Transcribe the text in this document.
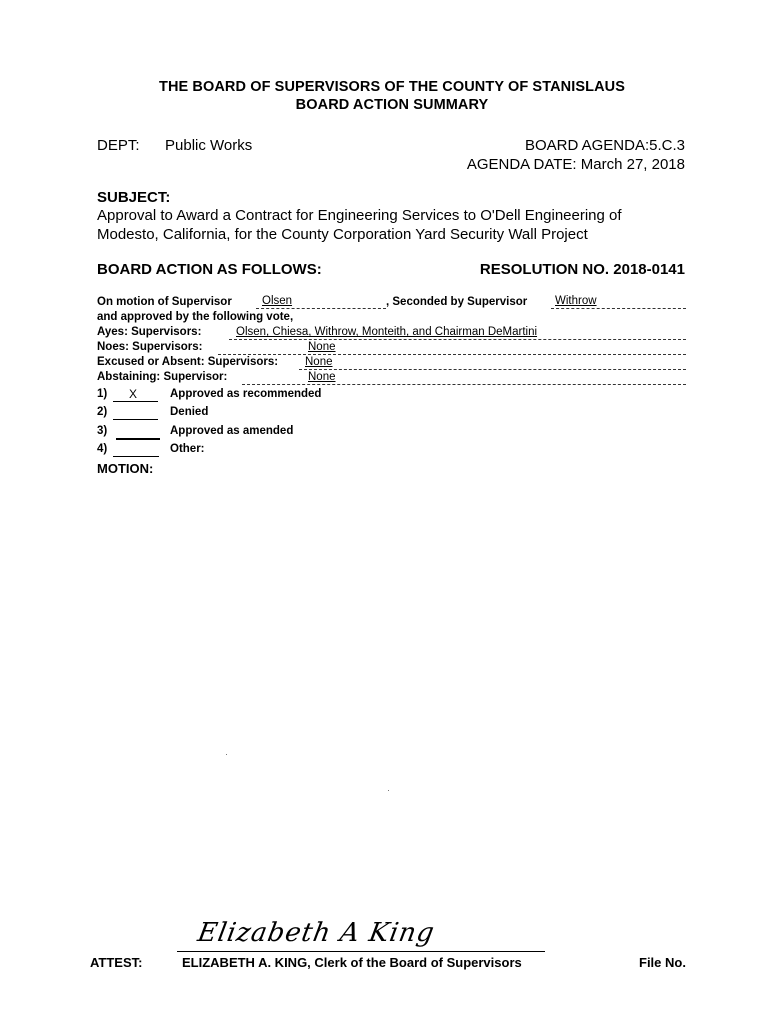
THE BOARD OF SUPERVISORS OF THE COUNTY OF STANISLAUS
BOARD ACTION SUMMARY
DEPT: Public Works	BOARD AGENDA:5.C.3
AGENDA DATE: March 27, 2018
SUBJECT:
Approval to Award a Contract for Engineering Services to O'Dell Engineering of
Modesto, California, for the County Corporation Yard Security Wall Project
BOARD ACTION AS FOLLOWS:	RESOLUTION NO. 2018-0141
On motion of Supervisor	Olsen	, Seconded by Supervisor Withrow
and approved by the following vote,
Ayes: Supervisors:	Olsen, Chiesa, Withrow, Monteith, and Chairman DeMartini
Noes: Supervisors:	None
Excused or Absent: Supervisors: None
Abstaining: Supervisor:	None
1) X	Approved as recommended
2)	Denied
3)	Approved as amended
4)	Other:
MOTION:
Elizabeth A King
ATTEST:	ELIZABETH A. KING, Clerk of the Board of Supervisors	File No.
